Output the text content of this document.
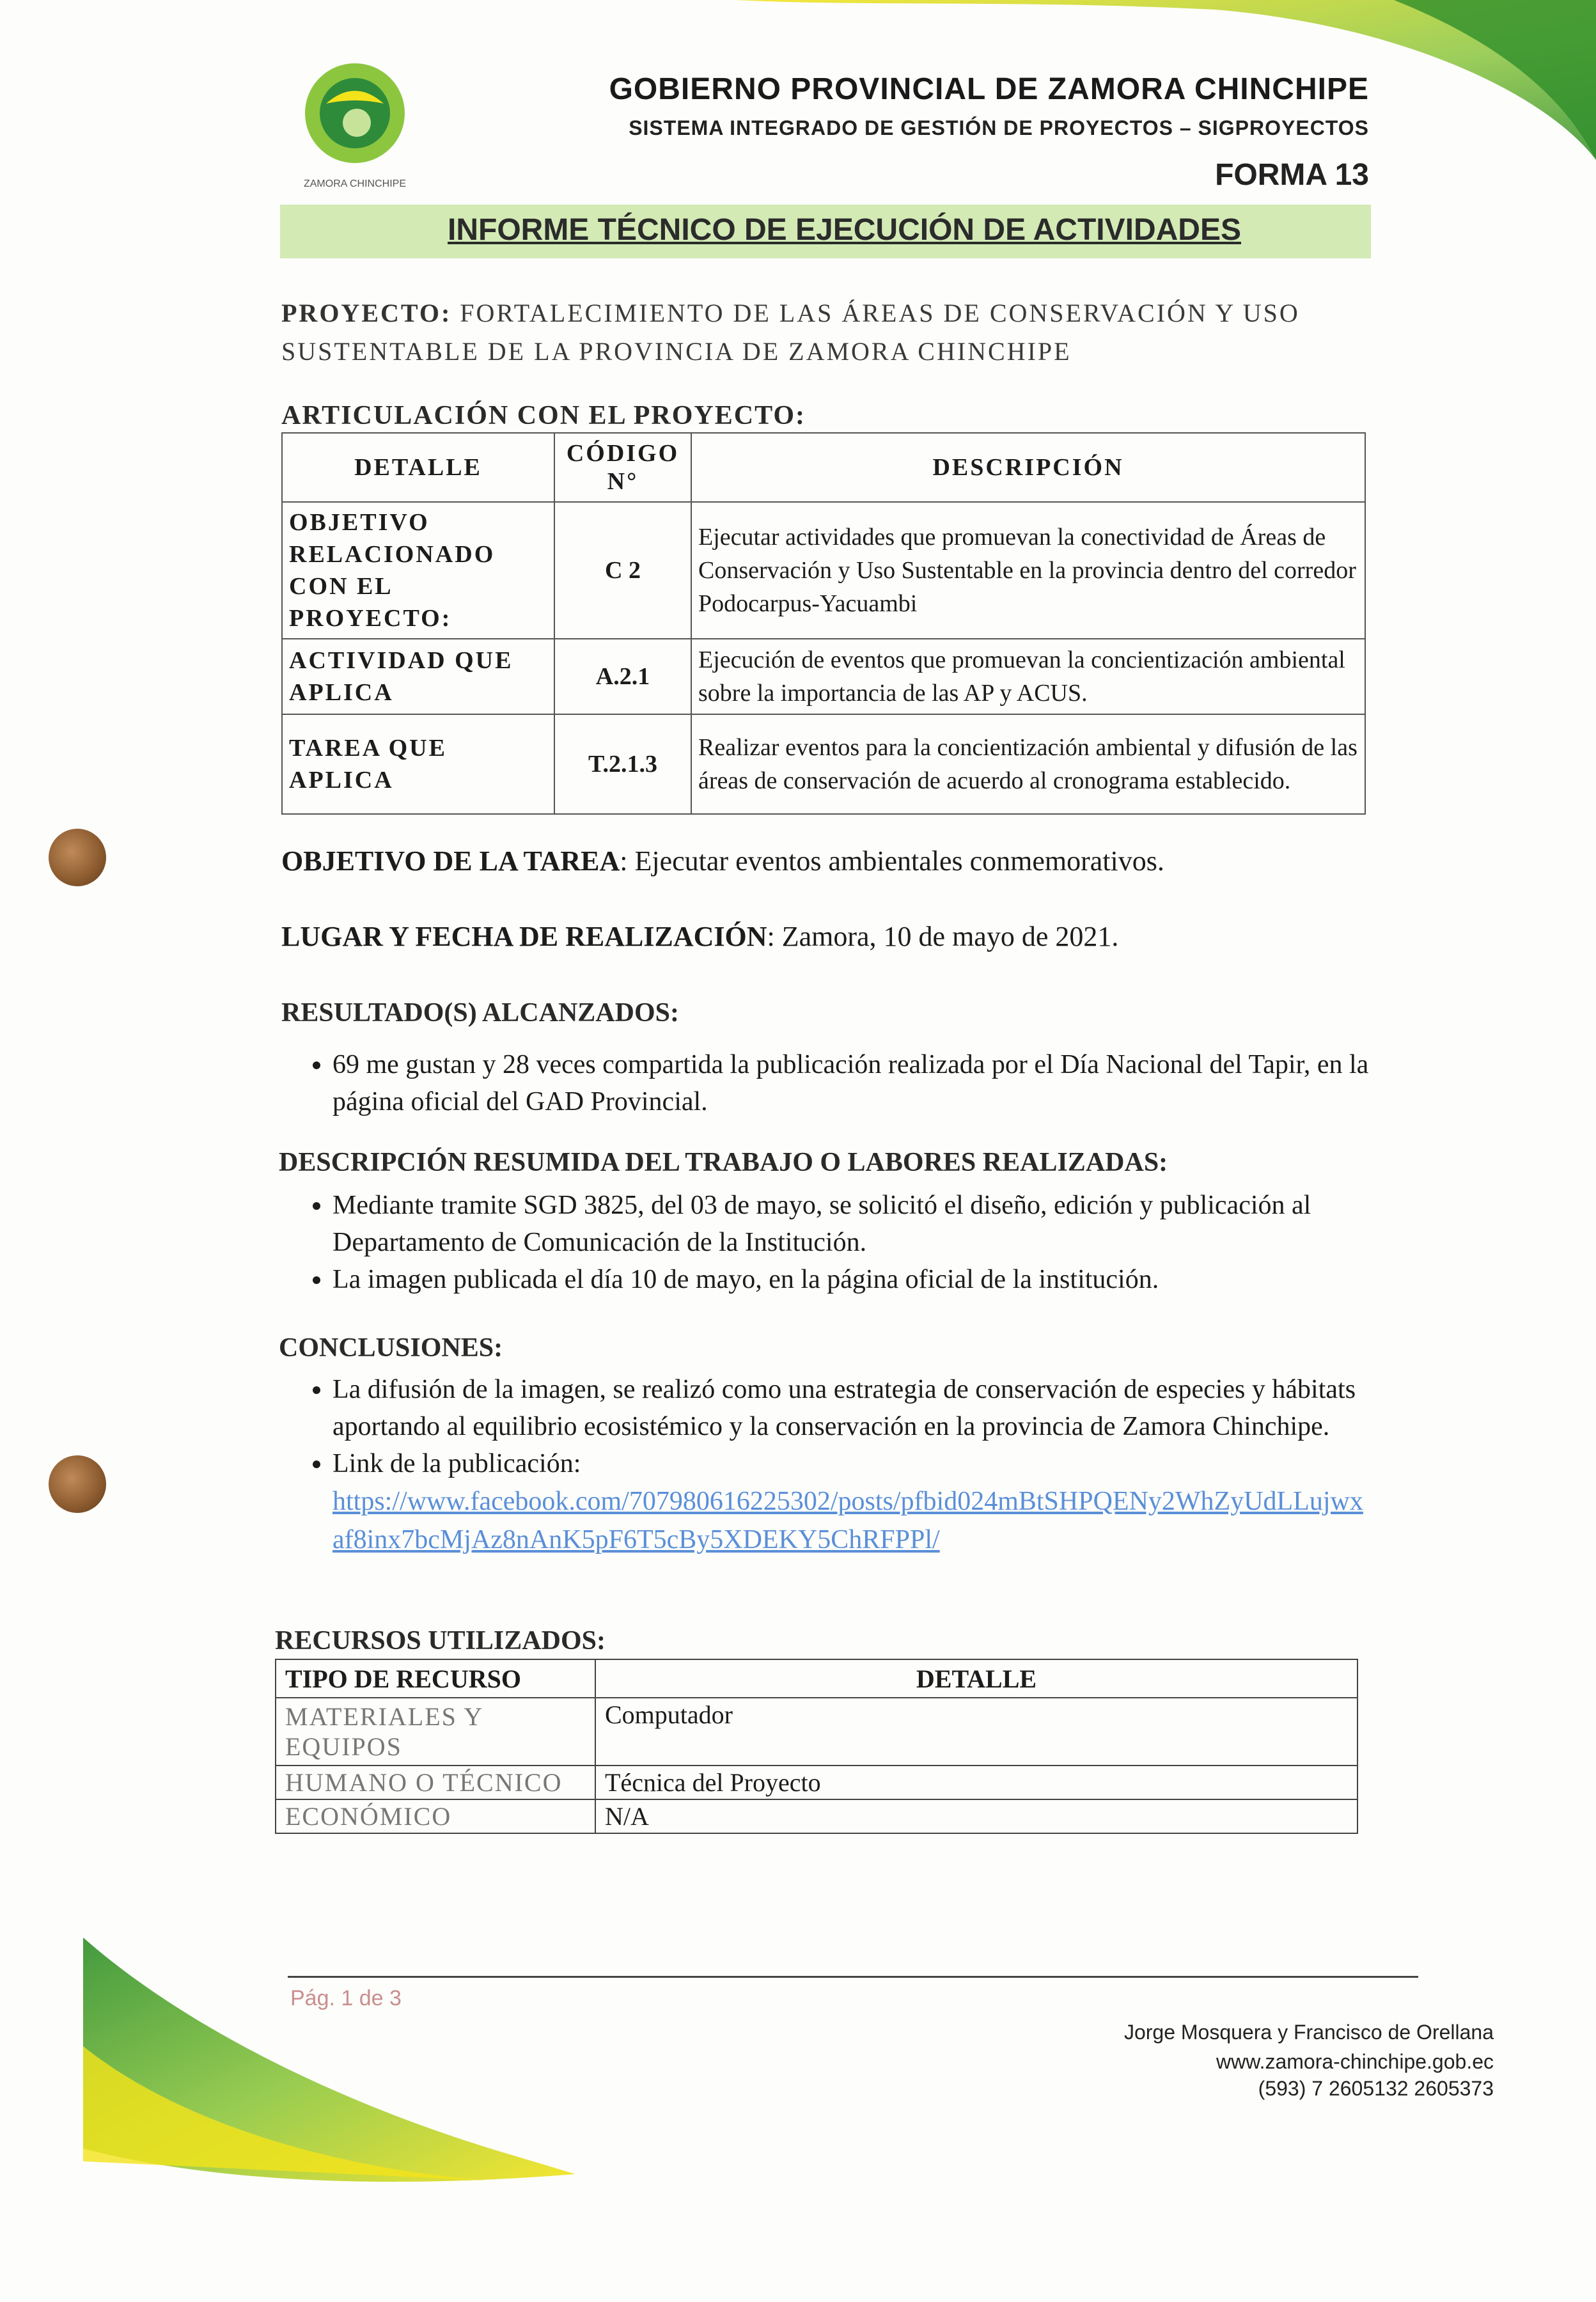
ZAMORA CHINCHIPE
GOBIERNO PROVINCIAL DE ZAMORA CHINCHIPE
SISTEMA INTEGRADO DE GESTIÓN DE PROYECTOS – SIGPROYECTOS
FORMA 13
INFORME TÉCNICO DE EJECUCIÓN DE ACTIVIDADES
PROYECTO: FORTALECIMIENTO DE LAS ÁREAS DE CONSERVACIÓN Y USO SUSTENTABLE DE LA PROVINCIA DE ZAMORA CHINCHIPE
ARTICULACIÓN CON EL PROYECTO:
DETALLE	CÓDIGO N°	DESCRIPCIÓN
OBJETIVO RELACIONADO CON EL PROYECTO:	C 2	Ejecutar actividades que promuevan la conectividad de Áreas de Conservación y Uso Sustentable en la provincia dentro del corredor Podocarpus-Yacuambi
ACTIVIDAD QUE APLICA	A.2.1	Ejecución de eventos que promuevan la concientización ambiental sobre la importancia de las AP y ACUS.
TAREA QUE APLICA	T.2.1.3	Realizar eventos para la concientización ambiental y difusión de las áreas de conservación de acuerdo al cronograma establecido.
OBJETIVO DE LA TAREA: Ejecutar eventos ambientales conmemorativos.
LUGAR Y FECHA DE REALIZACIÓN: Zamora, 10 de mayo de 2021.
RESULTADO(S) ALCANZADOS:
• 69 me gustan y 28 veces compartida la publicación realizada por el Día Nacional del Tapir, en la página oficial del GAD Provincial.
DESCRIPCIÓN RESUMIDA DEL TRABAJO O LABORES REALIZADAS:
• Mediante tramite SGD 3825, del 03 de mayo, se solicitó el diseño, edición y publicación al Departamento de Comunicación de la Institución.
• La imagen publicada el día 10 de mayo, en la página oficial de la institución.
CONCLUSIONES:
• La difusión de la imagen, se realizó como una estrategia de conservación de especies y hábitats aportando al equilibrio ecosistémico y la conservación en la provincia de Zamora Chinchipe.
• Link de la publicación:
https://www.facebook.com/707980616225302/posts/pfbid024mBtSHPQENy2WhZyUdLLujwxaf8inx7bcMjAz8nAnK5pF6T5cBy5XDEKY5ChRFPPl/
RECURSOS UTILIZADOS:
TIPO DE RECURSO	DETALLE
MATERIALES Y EQUIPOS	Computador
HUMANO O TÉCNICO	Técnica del Proyecto
ECONÓMICO	N/A
Pág. 1 de 3
Jorge Mosquera y Francisco de Orellana
www.zamora-chinchipe.gob.ec
(593) 7 2605132 2605373
